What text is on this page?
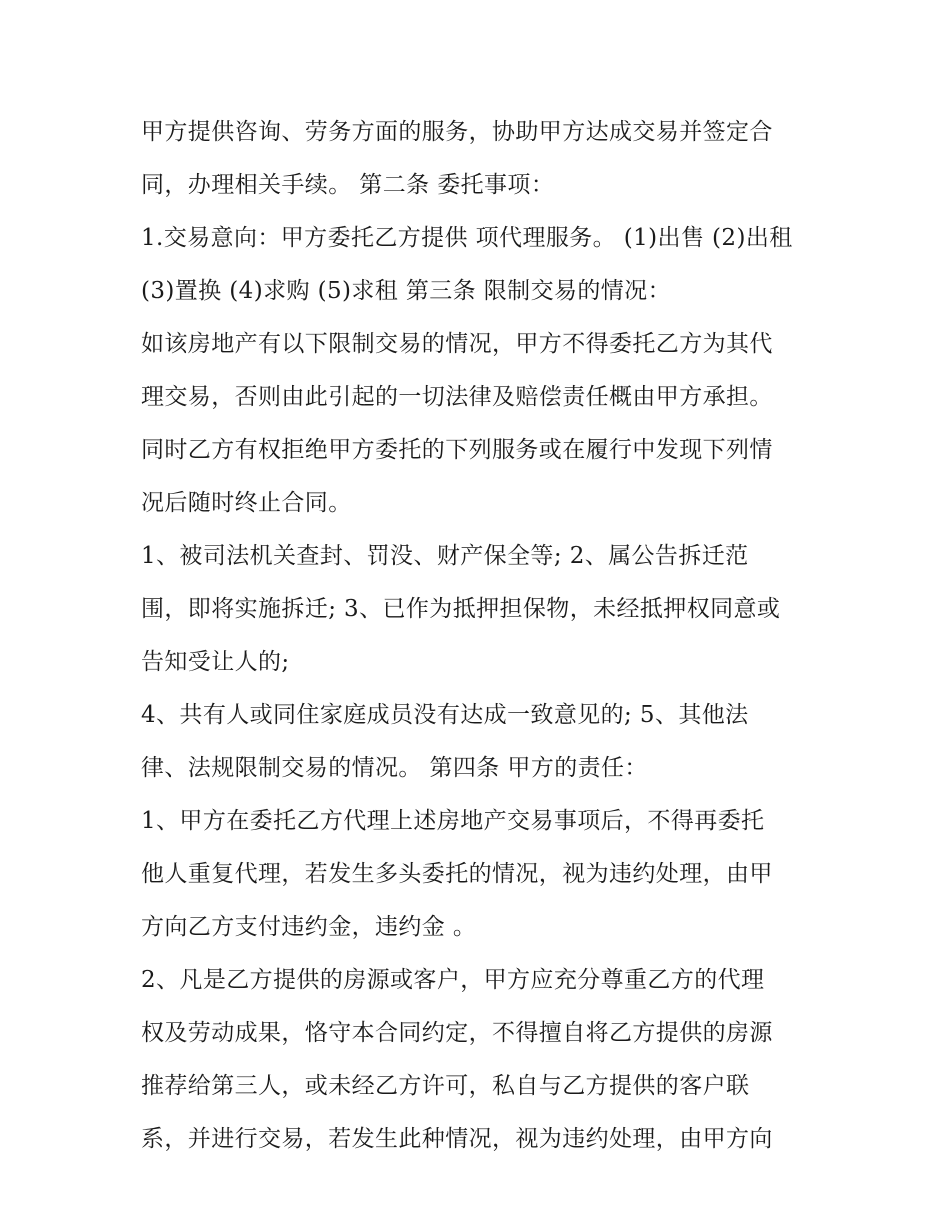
甲方提供咨询、劳务方面的服务，协助甲方达成交易并签定合
同，办理相关手续。 第二条 委托事项：
1.交易意向：甲方委托乙方提供 项代理服务。 (1)出售 (2)出租
(3)置换 (4)求购 (5)求租 第三条 限制交易的情况：
如该房地产有以下限制交易的情况，甲方不得委托乙方为其代
理交易，否则由此引起的一切法律及赔偿责任概由甲方承担。
同时乙方有权拒绝甲方委托的下列服务或在履行中发现下列情
况后随时终止合同。
1、被司法机关查封、罚没、财产保全等; 2、属公告拆迁范
围，即将实施拆迁; 3、已作为抵押担保物，未经抵押权同意或
告知受让人的;
4、共有人或同住家庭成员没有达成一致意见的; 5、其他法
律、法规限制交易的情况。 第四条 甲方的责任：
1、甲方在委托乙方代理上述房地产交易事项后，不得再委托
他人重复代理，若发生多头委托的情况，视为违约处理，由甲
方向乙方支付违约金，违约金 。
2、凡是乙方提供的房源或客户，甲方应充分尊重乙方的代理
权及劳动成果，恪守本合同约定，不得擅自将乙方提供的房源
推荐给第三人，或未经乙方许可，私自与乙方提供的客户联
系，并进行交易，若发生此种情况，视为违约处理，由甲方向
